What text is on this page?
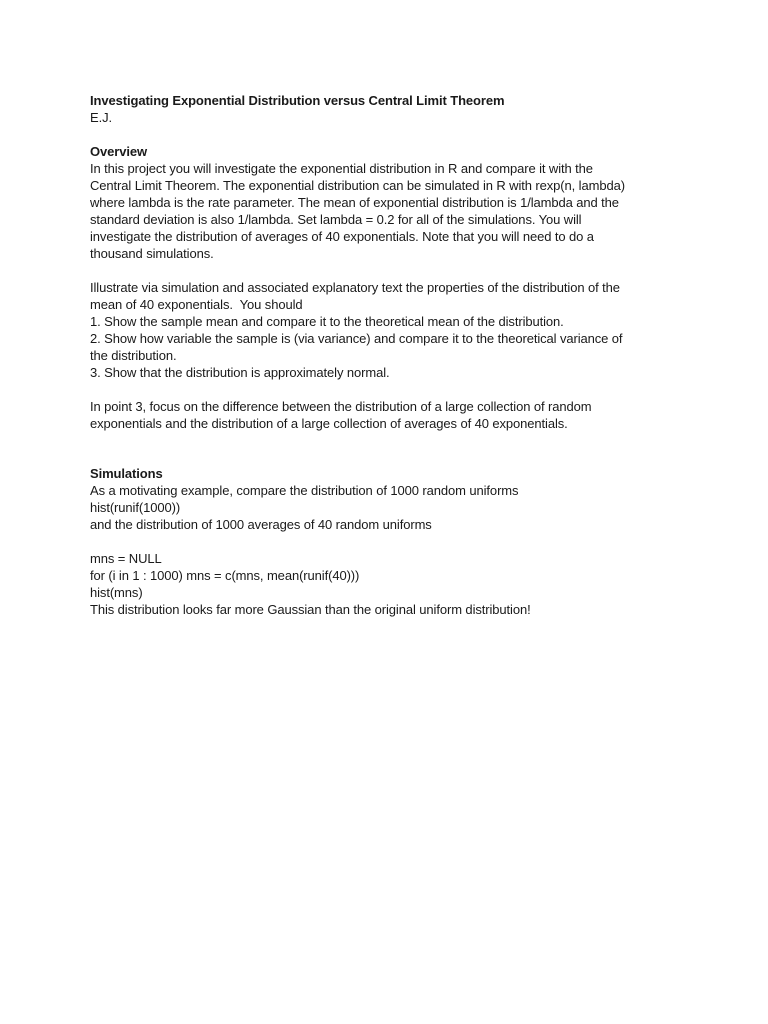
Investigating Exponential Distribution versus Central Limit Theorem
E.J.
Overview
In this project you will investigate the exponential distribution in R and compare it with the
Central Limit Theorem. The exponential distribution can be simulated in R with rexp(n, lambda)
where lambda is the rate parameter. The mean of exponential distribution is 1/lambda and the
standard deviation is also 1/lambda. Set lambda = 0.2 for all of the simulations. You will
investigate the distribution of averages of 40 exponentials. Note that you will need to do a
thousand simulations.
Illustrate via simulation and associated explanatory text the properties of the distribution of the
mean of 40 exponentials.  You should
1. Show the sample mean and compare it to the theoretical mean of the distribution.
2. Show how variable the sample is (via variance) and compare it to the theoretical variance of
the distribution.
3. Show that the distribution is approximately normal.
In point 3, focus on the difference between the distribution of a large collection of random
exponentials and the distribution of a large collection of averages of 40 exponentials.
Simulations
As a motivating example, compare the distribution of 1000 random uniforms
hist(runif(1000))
and the distribution of 1000 averages of 40 random uniforms
mns = NULL
for (i in 1 : 1000) mns = c(mns, mean(runif(40)))
hist(mns)
This distribution looks far more Gaussian than the original uniform distribution!
